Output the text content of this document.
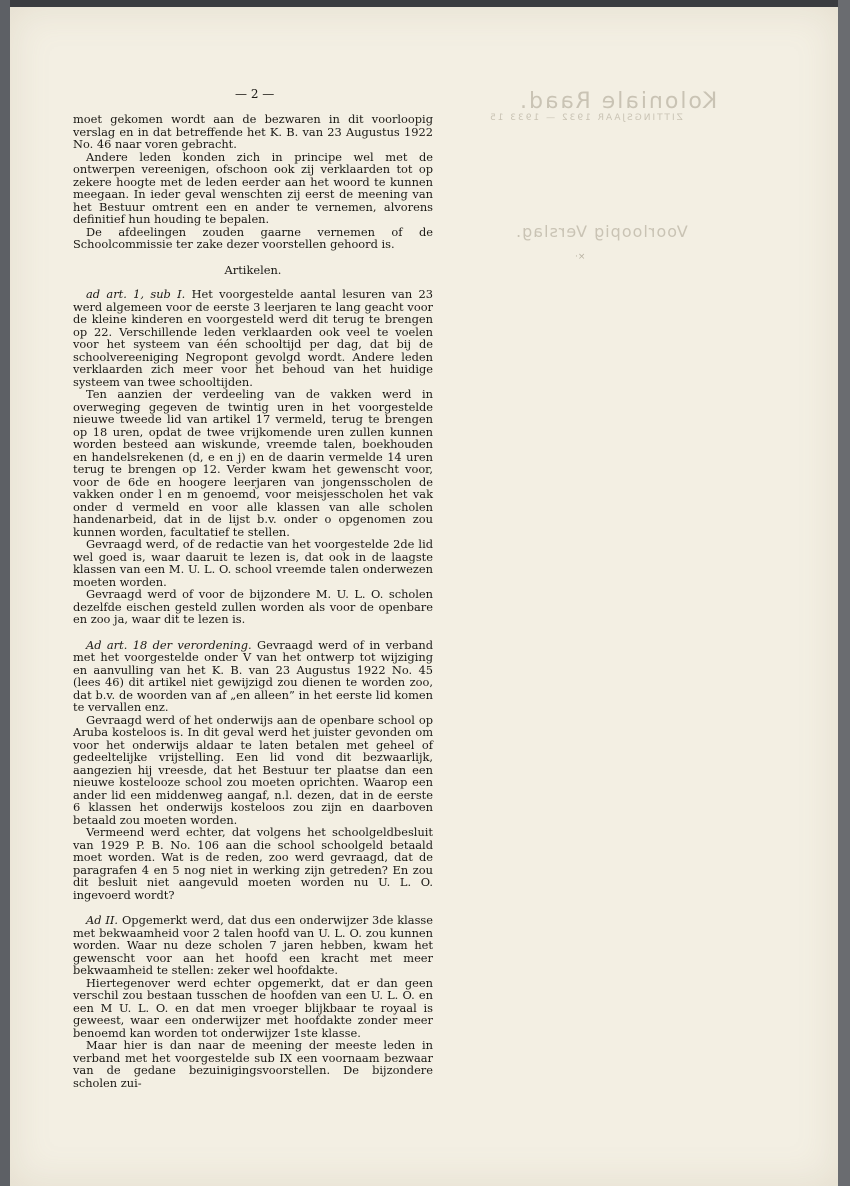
Koloniale Raad.
ZITTINGSJAAR 1932 — 1933 15
Voorloopig Verslag.
·×
— 2 —

moet gekomen wordt aan de bezwaren in dit voorloopig verslag en in dat betreffende het K. B. van 23 Augustus 1922 No. 46 naar voren gebracht.

Andere leden konden zich in principe wel met de ontwerpen vereenigen, ofschoon ook zij verklaarden tot op zekere hoogte met de leden eerder aan het woord te kunnen meegaan. In ieder geval wenschten zij eerst de meening van het Bestuur omtrent een en ander te vernemen, alvorens definitief hun houding te bepalen.

De afdeelingen zouden gaarne vernemen of de Schoolcommissie ter zake dezer voorstellen gehoord is.

Artikelen.

ad art. 1, sub I. Het voorgestelde aantal lesuren van 23 werd algemeen voor de eerste 3 leerjaren te lang geacht voor de kleine kinderen en voorgesteld werd dit terug te brengen op 22. Verschillende leden verklaarden ook veel te voelen voor het systeem van één schooltijd per dag, dat bij de schoolvereeniging Negropont gevolgd wordt. Andere leden verklaarden zich meer voor het behoud van het huidige systeem van twee schooltijden.

Ten aanzien der verdeeling van de vakken werd in overweging gegeven de twintig uren in het voorgestelde nieuwe tweede lid van artikel 17 vermeld, terug te brengen op 18 uren, opdat de twee vrijkomende uren zullen kunnen worden besteed aan wiskunde, vreemde talen, boekhouden en handelsrekenen (d, e en j) en de daarin vermelde 14 uren terug te brengen op 12. Verder kwam het gewenscht voor, voor de 6de en hoogere leerjaren van jongensscholen de vakken onder l en m genoemd, voor meisjesscholen het vak onder d vermeld en voor alle klassen van alle scholen handenarbeid, dat in de lijst b.v. onder o opgenomen zou kunnen worden, facultatief te stellen.

Gevraagd werd, of de redactie van het voorgestelde 2de lid wel goed is, waar daaruit te lezen is, dat ook in de laagste klassen van een M. U. L. O. school vreemde talen onderwezen moeten worden.

Gevraagd werd of voor de bijzondere M. U. L. O. scholen dezelfde eischen gesteld zullen worden als voor de openbare en zoo ja, waar dit te lezen is.

Ad art. 18 der verordening. Gevraagd werd of in verband met het voorgestelde onder V van het ontwerp tot wijziging en aanvulling van het K. B. van 23 Augustus 1922 No. 45 (lees 46) dit artikel niet gewijzigd zou dienen te worden zoo, dat b.v. de woorden van af „en alleen” in het eerste lid komen te vervallen enz.

Gevraagd werd of het onderwijs aan de openbare school op Aruba kosteloos is. In dit geval werd het juister gevonden om voor het onderwijs aldaar te laten betalen met geheel of gedeeltelijke vrijstelling. Een lid vond dit bezwaarlijk, aangezien hij vreesde, dat het Bestuur ter plaatse dan een nieuwe kostelooze school zou moeten oprichten. Waarop een ander lid een middenweg aangaf, n.l. dezen, dat in de eerste 6 klassen het onderwijs kosteloos zou zijn en daarboven betaald zou moeten worden.

Vermeend werd echter, dat volgens het schoolgeldbesluit van 1929 P. B. No. 106 aan die school schoolgeld betaald moet worden. Wat is de reden, zoo werd gevraagd, dat de paragrafen 4 en 5 nog niet in werking zijn getreden? En zou dit besluit niet aangevuld moeten worden nu U. L. O. ingevoerd wordt?

Ad II. Opgemerkt werd, dat dus een onderwijzer 3de klasse met bekwaamheid voor 2 talen hoofd van U. L. O. zou kunnen worden. Waar nu deze scholen 7 jaren hebben, kwam het gewenscht voor aan het hoofd een kracht met meer bekwaamheid te stellen: zeker wel hoofdakte.

Hiertegenover werd echter opgemerkt, dat er dan geen verschil zou bestaan tusschen de hoofden van een U. L. O. en een M U. L. O. en dat men vroeger blijkbaar te royaal is geweest, waar een onderwijzer met hoofdakte zonder meer benoemd kan worden tot onderwijzer 1ste klasse.

Maar hier is dan naar de meening der meeste leden in verband met het voorgestelde sub IX een voornaam bezwaar van de gedane bezuinigingsvoorstellen. De bijzondere scholen zui-
